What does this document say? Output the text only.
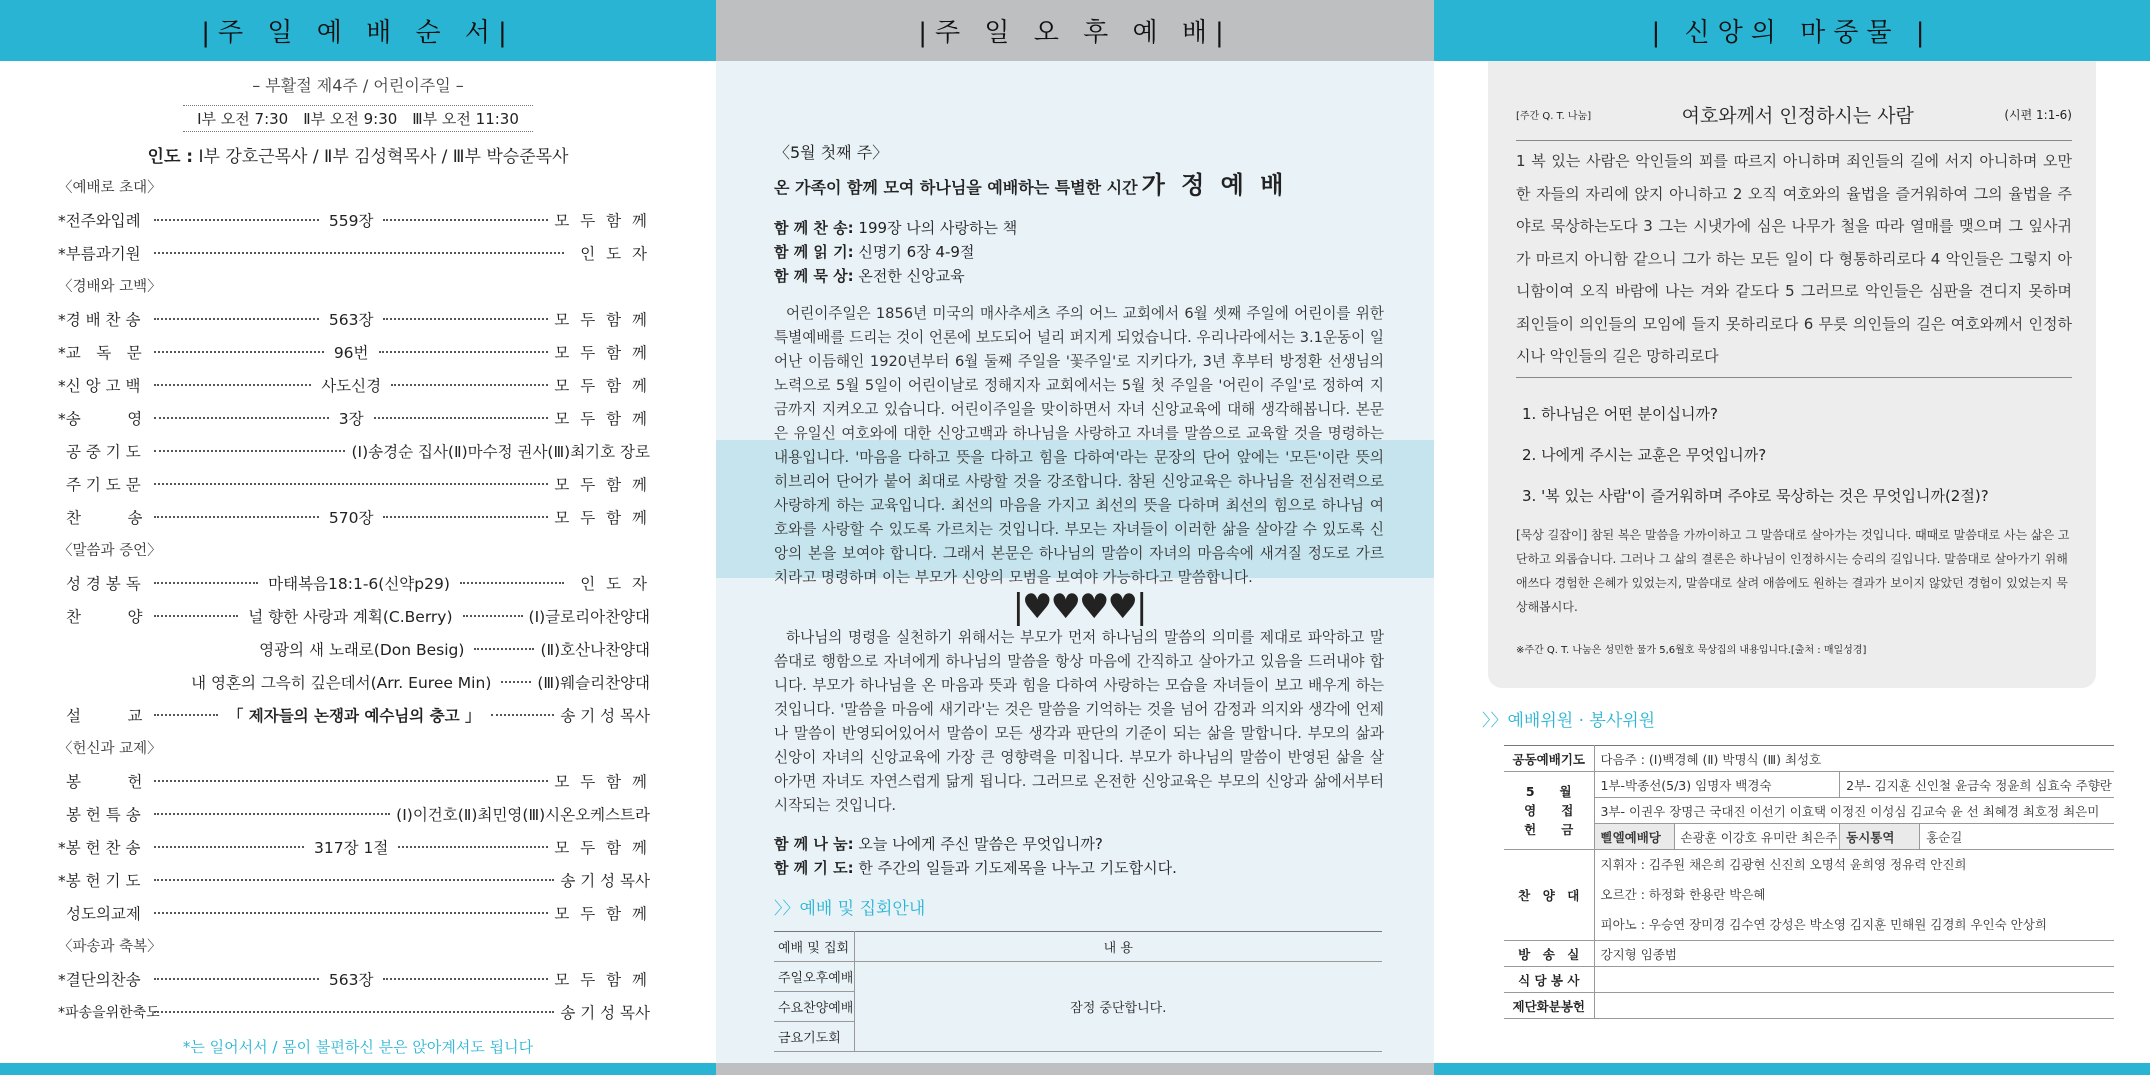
|주 일 예 배 순 서|
– 부활절 제4주 / 어린이주일 –
Ⅰ부 오전 7:30　Ⅱ부 오전 9:30　Ⅲ부 오전 11:30
인도 : Ⅰ부 강호근목사 / Ⅱ부 김성혁목사 / Ⅲ부 박승준목사
〈예배로 초대〉
*전주와입례	559장	모 두 함 께
*부름과기원	인 도 자
〈경배와 고백〉
*경 배 찬 송	563장	모 두 함 께
*교　독　문	96번	모 두 함 께
*신 앙 고 백	사도신경	모 두 함 께
*송　　　영	3장	모 두 함 께
공 중 기 도	(Ⅰ)송경순 집사(Ⅱ)마수정 권사(Ⅲ)최기호 장로
주 기 도 문	모 두 함 께
찬　　　송	570장	모 두 함 께
〈말씀과 증언〉
성 경 봉 독	마태복음18:1-6(신약p29)	인 도 자
찬　　　양	널 향한 사랑과 계획(C.Berry)	(Ⅰ)글로리아찬양대
영광의 새 노래로(Don Besig)	(Ⅱ)호산나찬양대
내 영혼의 그윽히 깊은데서(Arr. Euree Min)	(Ⅲ)웨슬리찬양대
설　　　교	「 제자들의 논쟁과 예수님의 충고 」	송 기 성 목사
〈헌신과 교제〉
봉　　　헌	모 두 함 께
봉 헌 특 송	(Ⅰ)이건호(Ⅱ)최민영(Ⅲ)시온오케스트라
*봉 헌 찬 송	317장 1절	모 두 함 께
*봉 헌 기 도	송 기 성 목사
성도의교제	모 두 함 께
〈파송과 축복〉
*결단의찬송	563장	모 두 함 께
*파송을위한축도	송 기 성 목사
*는 일어서서 / 몸이 불편하신 분은 앉아계셔도 됩니다
|주 일 오 후 예 배|
〈5월 첫째 주〉
온 가족이 함께 모여 하나님을 예배하는 특별한 시간 가 정 예 배
함 께 찬 송: 199장 나의 사랑하는 책
함 께 읽 기: 신명기 6장 4-9절
함 께 묵 상: 온전한 신앙교육

어린이주일은 1856년 미국의 매사추세츠 주의 어느 교회에서 6월 셋째 주일에 어린이를 위한 특별예배를 드리는 것이 언론에 보도되어 널리 퍼지게 되었습니다. 우리나라에서는 3.1운동이 일어난 이듬해인 1920년부터 6월 둘째 주일을 '꽃주일'로 지키다가, 3년 후부터 방정환 선생님의 노력으로 5월 5일이 어린이날로 정해지자 교회에서는 5월 첫 주일을 '어린이 주일'로 정하여 지금까지 지켜오고 있습니다. 어린이주일을 맞이하면서 자녀 신앙교육에 대해 생각해봅니다. 본문은 유일신 여호와에 대한 신앙고백과 하나님을 사랑하고 자녀를 말씀으로 교육할 것을 명령하는 내용입니다. '마음을 다하고 뜻을 다하고 힘을 다하여'라는 문장의 단어 앞에는 '모든'이란 뜻의 히브리어 단어가 붙어 최대로 사랑할 것을 강조합니다. 참된 신앙교육은 하나님을 전심전력으로 사랑하게 하는 교육입니다. 최선의 마음을 가지고 최선의 뜻을 다하며 최선의 힘으로 하나님 여호와를 사랑할 수 있도록 가르치는 것입니다. 부모는 자녀들이 이러한 삶을 살아갈 수 있도록 신앙의 본을 보여야 합니다. 그래서 본문은 하나님의 말씀이 자녀의 마음속에 새겨질 정도로 가르치라고 명령하며 이는 부모가 신앙의 모범을 보여야 가능하다고 말씀합니다.

|♥♥♥♥|

하나님의 명령을 실천하기 위해서는 부모가 먼저 하나님의 말씀의 의미를 제대로 파악하고 말씀대로 행함으로 자녀에게 하나님의 말씀을 항상 마음에 간직하고 살아가고 있음을 드러내야 합니다. 부모가 하나님을 온 마음과 뜻과 힘을 다하여 사랑하는 모습을 자녀들이 보고 배우게 하는 것입니다. '말씀을 마음에 새기라'는 것은 말씀을 기억하는 것을 넘어 감정과 의지와 생각에 언제나 말씀이 반영되어있어서 말씀이 모든 생각과 판단의 기준이 되는 삶을 말합니다. 부모의 삶과 신앙이 자녀의 신앙교육에 가장 큰 영향력을 미칩니다. 부모가 하나님의 말씀이 반영된 삶을 살아가면 자녀도 자연스럽게 닮게 됩니다. 그러므로 온전한 신앙교육은 부모의 신앙과 삶에서부터 시작되는 것입니다.

함 께 나 눔: 오늘 나에게 주신 말씀은 무엇입니까?
함 께 기 도: 한 주간의 일들과 기도제목을 나누고 기도합시다.
〉〉예배 및 집회안내
예배 및 집회	내 용
주일오후예배	잠정 중단합니다.
수요찬양예배	
금요기도회	
| 신앙의 마중물 |
[주간 Q. T. 나눔]	여호와께서 인정하시는 사람	(시편 1:1-6)
1 복 있는 사람은 악인들의 꾀를 따르지 아니하며 죄인들의 길에 서지 아니하며 오만한 자들의 자리에 앉지 아니하고 2 오직 여호와의 율법을 즐거워하여 그의 율법을 주야로 묵상하는도다 3 그는 시냇가에 심은 나무가 철을 따라 열매를 맺으며 그 잎사귀가 마르지 아니함 같으니 그가 하는 모든 일이 다 형통하리로다 4 악인들은 그렇지 아니함이여 오직 바람에 나는 겨와 같도다 5 그러므로 악인들은 심판을 견디지 못하며 죄인들이 의인들의 모임에 들지 못하리로다 6 무릇 의인들의 길은 여호와께서 인정하시나 악인들의 길은 망하리로다
1. 하나님은 어떤 분이십니까?
2. 나에게 주시는 교훈은 무엇입니까?
3. '복 있는 사람'이 즐거워하며 주야로 묵상하는 것은 무엇입니까(2절)?
[묵상 길잡이] 참된 복은 말씀을 가까이하고 그 말씀대로 살아가는 것입니다. 때때로 말씀대로 사는 삶은 고단하고 외롭습니다. 그러나 그 삶의 결론은 하나님이 인정하시는 승리의 길입니다. 말씀대로 살아가기 위해 애쓰다 경험한 은혜가 있었는지, 말씀대로 살려 애씀에도 원하는 결과가 보이지 않았던 경험이 있었는지 묵상해봅시다.
※주간 Q. T. 나눔은 성민한 물가 5,6월호 묵상집의 내용입니다.[출처 : 매일성경]
〉〉예배위원 · 봉사위원
공동예배기도	다음주 : (Ⅰ)백경혜 (Ⅱ) 박명식 (Ⅲ) 최성호			
5　　월
영　　접
헌　　금	1부-박종선(5/3) 임명자 백경숙		2부- 김지훈 신인철 윤금숙 정윤희 심효숙 주향란	
	3부- 이권우 장명근 국대진 이선기 이효택 이정진 이성심 김교숙 윤 선 최혜경 최호정 최은미			
	삘엘예배당	손광훈 이강호 유미란 최은주	동시통역	홍순길
찬　양　대	지휘자 : 김주원 채은희 김광현 신진희 오명석 윤희영 정유력 안진희
오르간 : 하정화 한용란 박은혜
피아노 : 우승연 장미경 김수연 강성은 박소영 김지훈 민해원 김경희 우인숙 안상희			

방　송　실	강지형 임종범			
식 당 봉 사				
제단화분봉헌				
